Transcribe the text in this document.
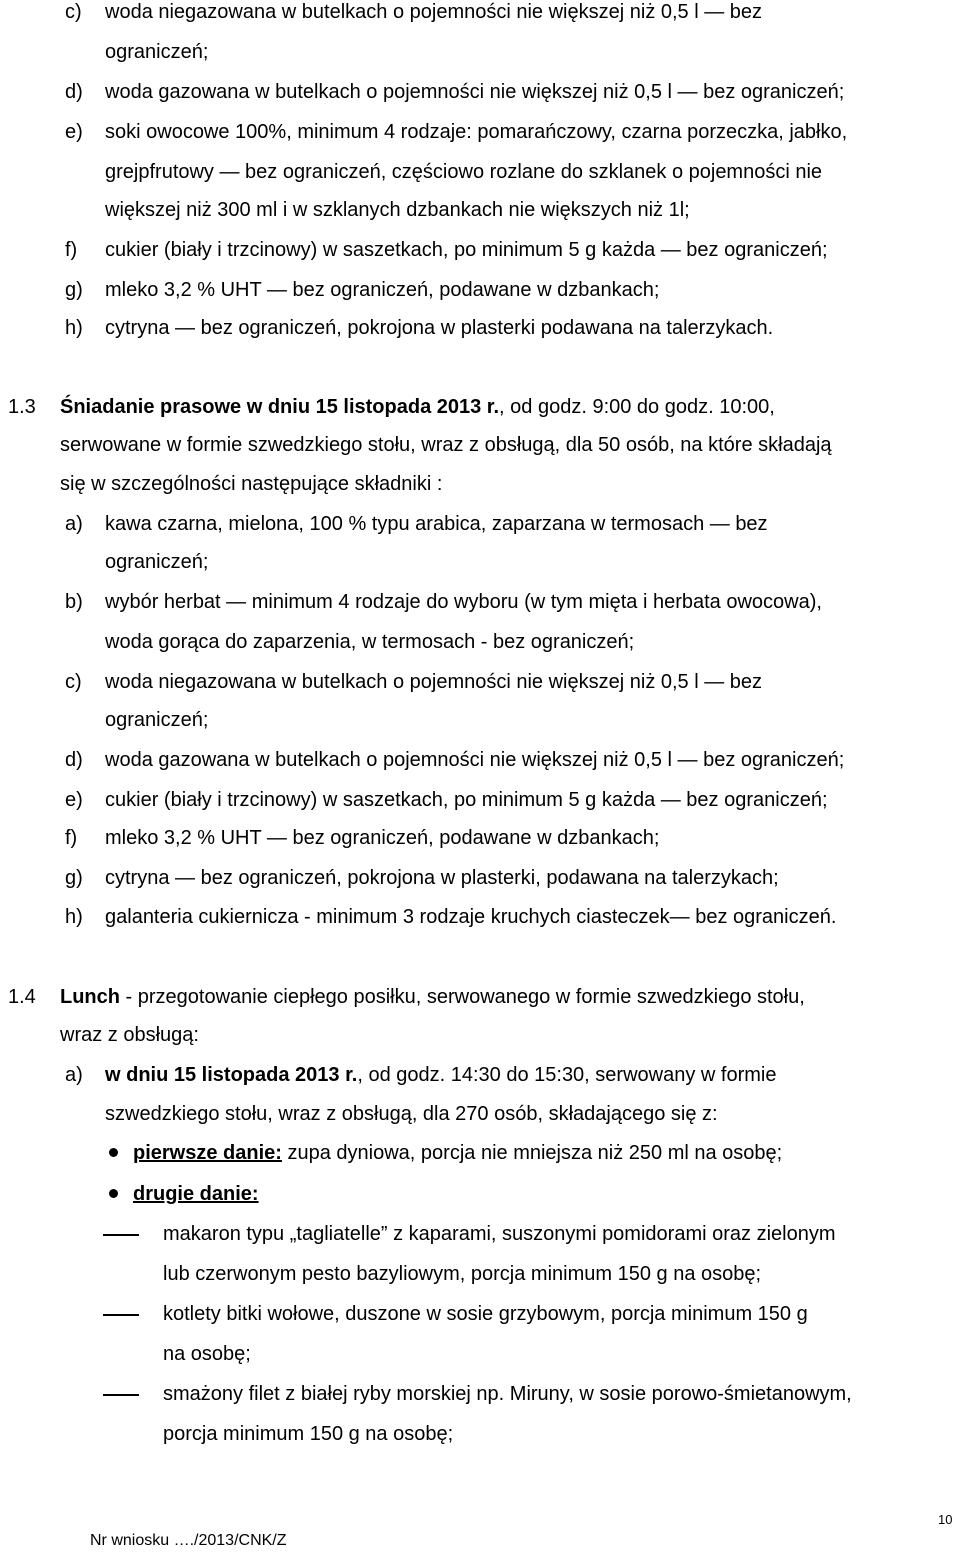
c) woda niegazowana w butelkach o pojemności nie większej niż 0,5 l — bez
ograniczeń;
d) woda gazowana w butelkach o pojemności nie większej niż 0,5 l — bez ograniczeń;
e) soki owocowe 100%, minimum 4 rodzaje: pomarańczowy, czarna porzeczka, jabłko,
grejpfrutowy — bez ograniczeń, częściowo rozlane do szklanek o pojemności nie
większej niż 300 ml i w szklanych dzbankach nie większych niż 1l;
f) cukier (biały i trzcinowy) w saszetkach, po minimum 5 g każda — bez ograniczeń;
g) mleko 3,2 % UHT — bez ograniczeń, podawane w dzbankach;
h) cytryna — bez ograniczeń, pokrojona w plasterki podawana na talerzykach.
1.3 Śniadanie prasowe w dniu 15 listopada 2013 r., od godz. 9:00 do godz. 10:00,
serwowane w formie szwedzkiego stołu, wraz z obsługą, dla 50 osób, na które składają
się w szczególności następujące składniki :
a) kawa czarna, mielona, 100 % typu arabica, zaparzana w termosach — bez
ograniczeń;
b) wybór herbat — minimum 4 rodzaje do wyboru (w tym mięta i herbata owocowa),
woda gorąca do zaparzenia, w termosach - bez ograniczeń;
c) woda niegazowana w butelkach o pojemności nie większej niż 0,5 l — bez
ograniczeń;
d) woda gazowana w butelkach o pojemności nie większej niż 0,5 l — bez ograniczeń;
e) cukier (biały i trzcinowy) w saszetkach, po minimum 5 g każda — bez ograniczeń;
f) mleko 3,2 % UHT — bez ograniczeń, podawane w dzbankach;
g) cytryna — bez ograniczeń, pokrojona w plasterki, podawana na talerzykach;
h) galanteria cukiernicza - minimum 3 rodzaje kruchych ciasteczek— bez ograniczeń.
1.4 Lunch - przegotowanie ciepłego posiłku, serwowanego w formie szwedzkiego stołu,
wraz z obsługą:
a) w dniu 15 listopada 2013 r., od godz. 14:30 do 15:30, serwowany w formie
szwedzkiego stołu, wraz z obsługą, dla 270 osób, składającego się z:
pierwsze danie: zupa dyniowa, porcja nie mniejsza niż 250 ml na osobę;
drugie danie:
makaron typu „tagliatelle” z kaparami, suszonymi pomidorami oraz zielonym
lub czerwonym pesto bazyliowym, porcja minimum 150 g na osobę;
kotlety bitki wołowe, duszone w sosie grzybowym, porcja minimum 150 g
na osobę;
smażony filet z białej ryby morskiej np. Miruny, w sosie porowo-śmietanowym,
porcja minimum 150 g na osobę;
10
Nr wniosku …./2013/CNK/Z
